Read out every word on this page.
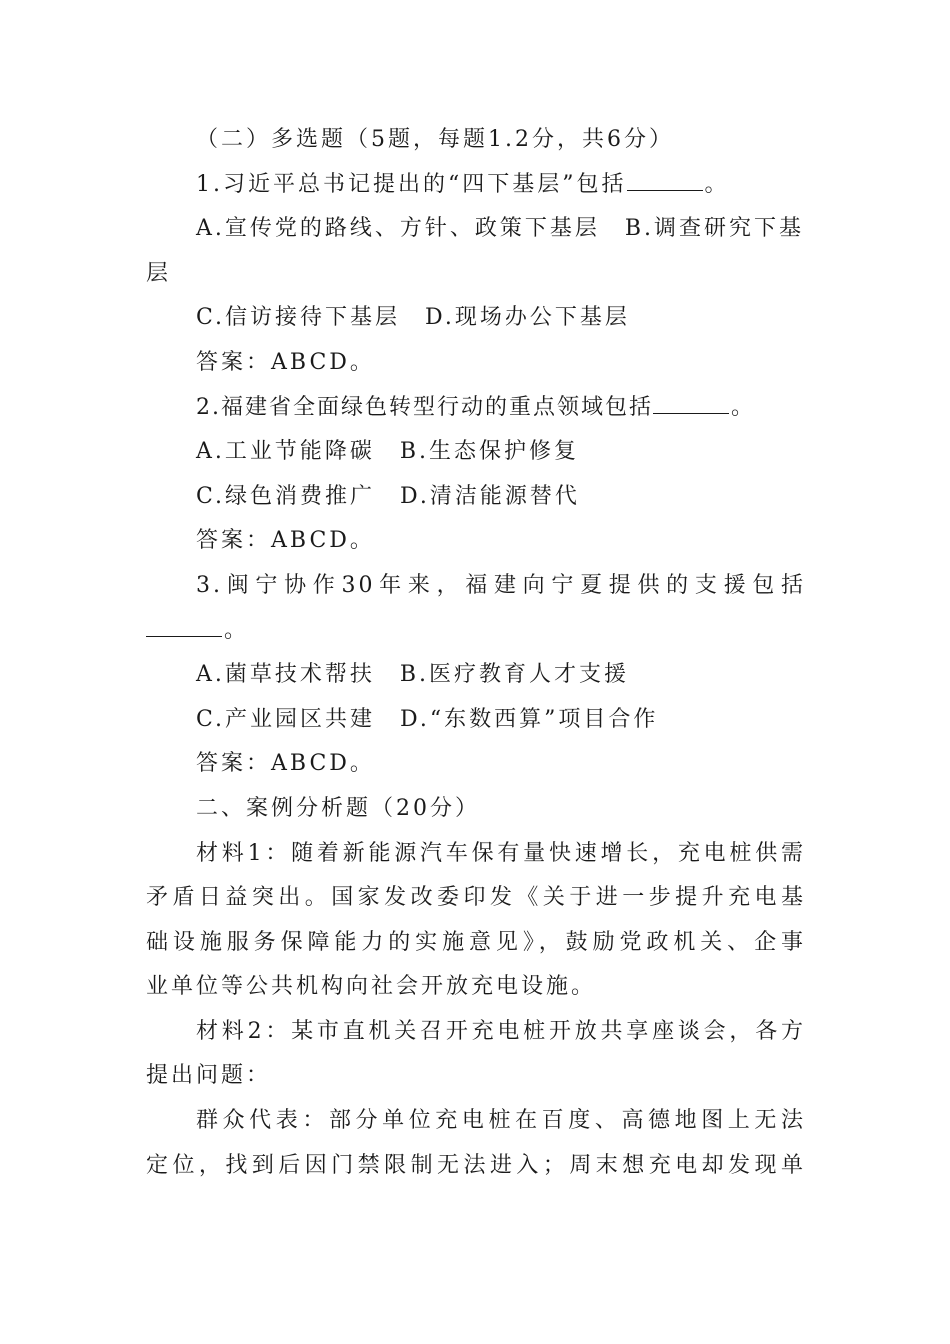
（二）多选题（5题，每题1.2分，共6分）
1.习近平总书记提出的“四下基层”包括	。
A.宣传党的路线、方针、政策下基层　B.调查研究下基
层
C.信访接待下基层　D.现场办公下基层
答案：ABCD。
2.福建省全面绿色转型行动的重点领域包括	。
A.工业节能降碳　B.生态保护修复
C.绿色消费推广　D.清洁能源替代
答案：ABCD。
3.闽宁协作30年来，福建向宁夏提供的支援包括
。
A.菌草技术帮扶　B.医疗教育人才支援
C.产业园区共建　D.“东数西算”项目合作
答案：ABCD。
二、案例分析题（20分）
材料1：随着新能源汽车保有量快速增长，充电桩供需
矛盾日益突出。国家发改委印发《关于进一步提升充电基
础设施服务保障能力的实施意见》，鼓励党政机关、企事
业单位等公共机构向社会开放充电设施。
材料2：某市直机关召开充电桩开放共享座谈会，各方
提出问题：
群众代表：部分单位充电桩在百度、高德地图上无法
定位，找到后因门禁限制无法进入；周末想充电却发现单
